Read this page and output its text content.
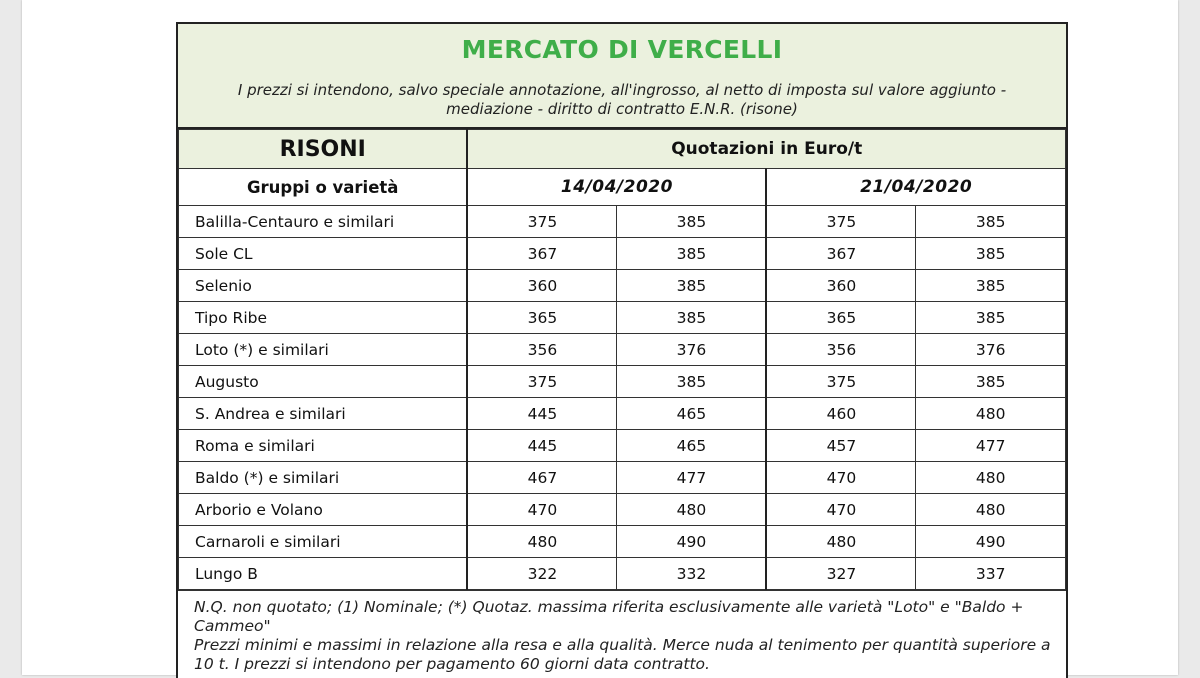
MERCATO DI VERCELLI
I prezzi si intendono, salvo speciale annotazione, all'ingrosso, al netto di imposta sul valore aggiunto -
mediazione - diritto di contratto E.N.R. (risone)
RISONI	Quotazioni in Euro/t			
Gruppi o varietà	14/04/2020		21/04/2020	
Balilla-Centauro e similari	375	385	375	385
Sole CL	367	385	367	385
Selenio	360	385	360	385
Tipo Ribe	365	385	365	385
Loto (*) e similari	356	376	356	376
Augusto	375	385	375	385
S. Andrea e similari	445	465	460	480
Roma e similari	445	465	457	477
Baldo (*) e similari	467	477	470	480
Arborio e Volano	470	480	470	480
Carnaroli e similari	480	490	480	490
Lungo B	322	332	327	337

N.Q. non quotato; (1) Nominale; (*) Quotaz. massima riferita esclusivamente alle varietà "Loto" e "Baldo + Cammeo"

Prezzi minimi e massimi in relazione alla resa e alla qualità. Merce nuda al tenimento per quantità superiore a 10 t. I prezzi si intendono per pagamento 60 giorni data contratto.
